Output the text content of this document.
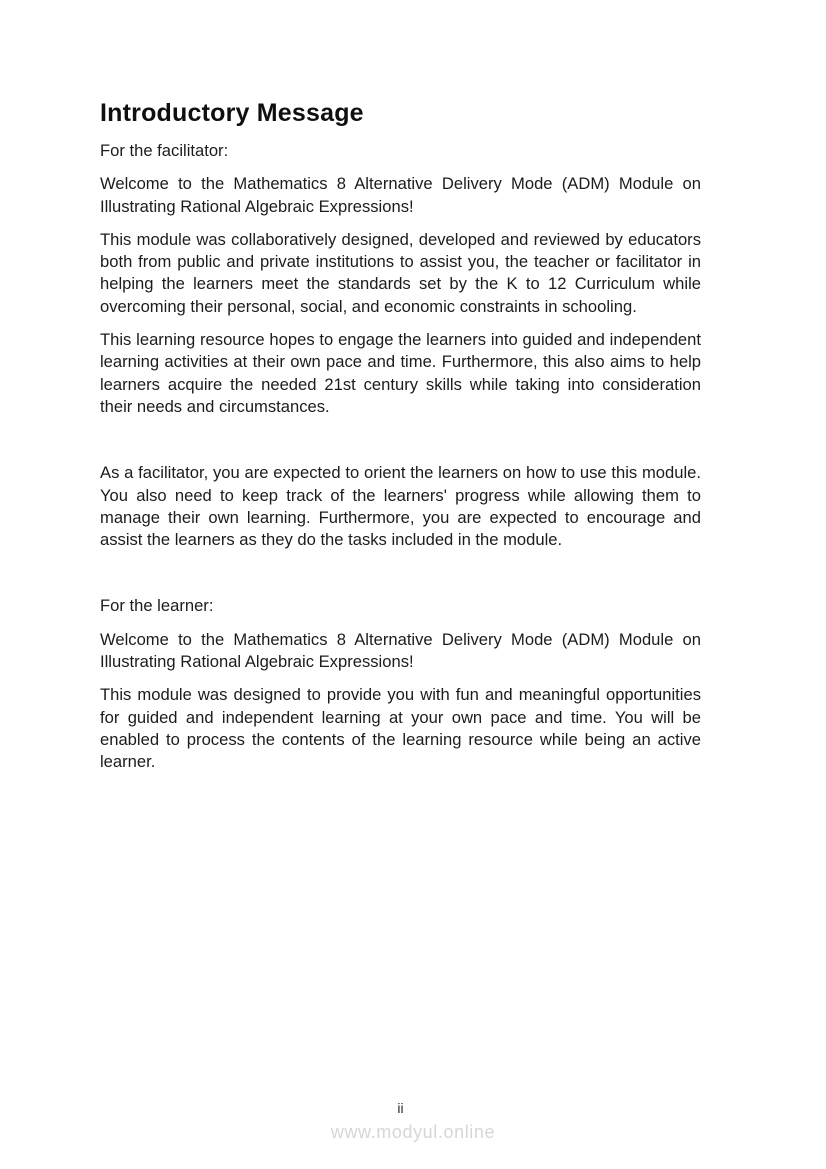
Introductory Message

For the facilitator:

Welcome to the Mathematics 8 Alternative Delivery Mode (ADM) Module on Illustrating Rational Algebraic Expressions!

This module was collaboratively designed, developed and reviewed by educators both from public and private institutions to assist you, the teacher or facilitator in helping the learners meet the standards set by the K to 12 Curriculum while overcoming their personal, social, and economic constraints in schooling.

This learning resource hopes to engage the learners into guided and independent learning activities at their own pace and time. Furthermore, this also aims to help learners acquire the needed 21st century skills while taking into consideration their needs and circumstances.

As a facilitator, you are expected to orient the learners on how to use this module. You also need to keep track of the learners' progress while allowing them to manage their own learning. Furthermore, you are expected to encourage and assist the learners as they do the tasks included in the module.

For the learner:

Welcome to the Mathematics 8 Alternative Delivery Mode (ADM) Module on Illustrating Rational Algebraic Expressions!

This module was designed to provide you with fun and meaningful opportunities for guided and independent learning at your own pace and time. You will be enabled to process the contents of the learning resource while being an active learner.

ii
www.modyul.online
